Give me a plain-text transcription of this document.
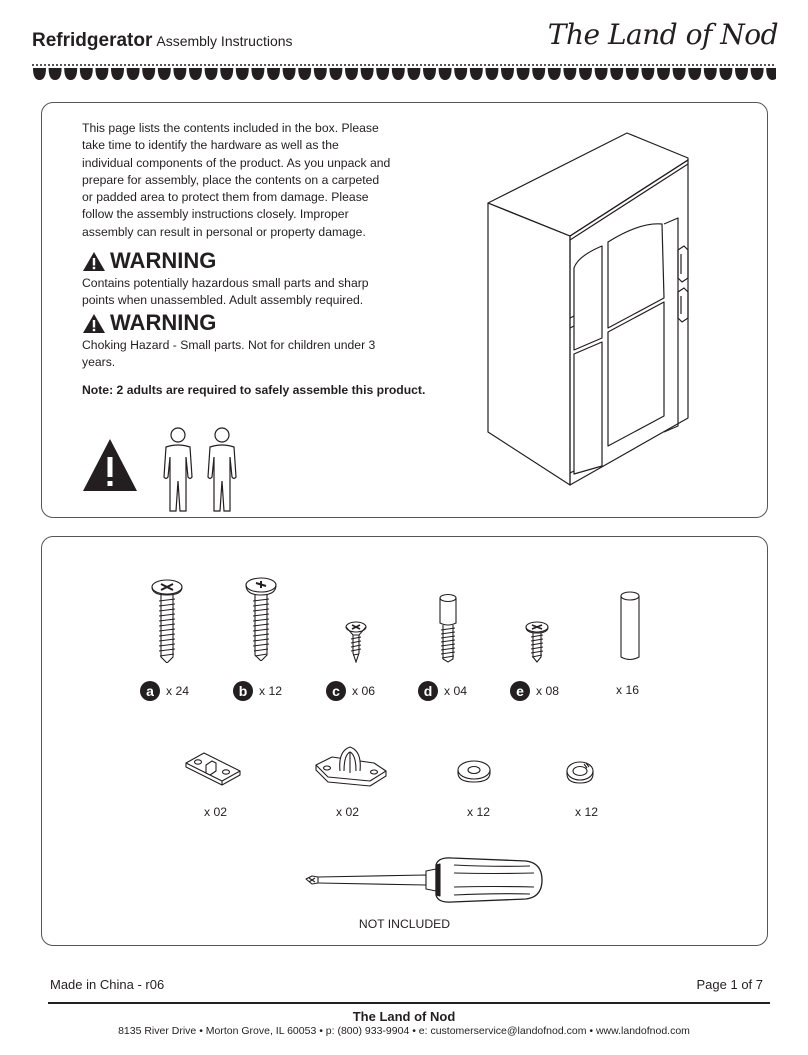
Refridgerator Assembly Instructions	The Land of Nod

This page lists the contents included in the box. Please take time to identify the hardware as well as the individual components of the product. As you unpack and prepare for assembly, place the contents on a carpeted or padded area to protect them from damage. Please follow the assembly instructions closely. Improper assembly can result in personal or property damage.

WARNING

Contains potentially hazardous small parts and sharp points when unassembled. Adult assembly required.

WARNING

Choking Hazard - Small parts. Not for children under 3 years.

Note: 2 adults are required to safely assemble this product.
a x 24	b x 12	c x 06	d x 04	e x 08	x 16
x 02	x 02	x 12	x 12
NOT INCLUDED
Made in China - r06	Page 1 of 7
The Land of Nod
8135 River Drive • Morton Grove, IL 60053 • p: (800) 933-9904 • e: customerservice@landofnod.com • www.landofnod.com
